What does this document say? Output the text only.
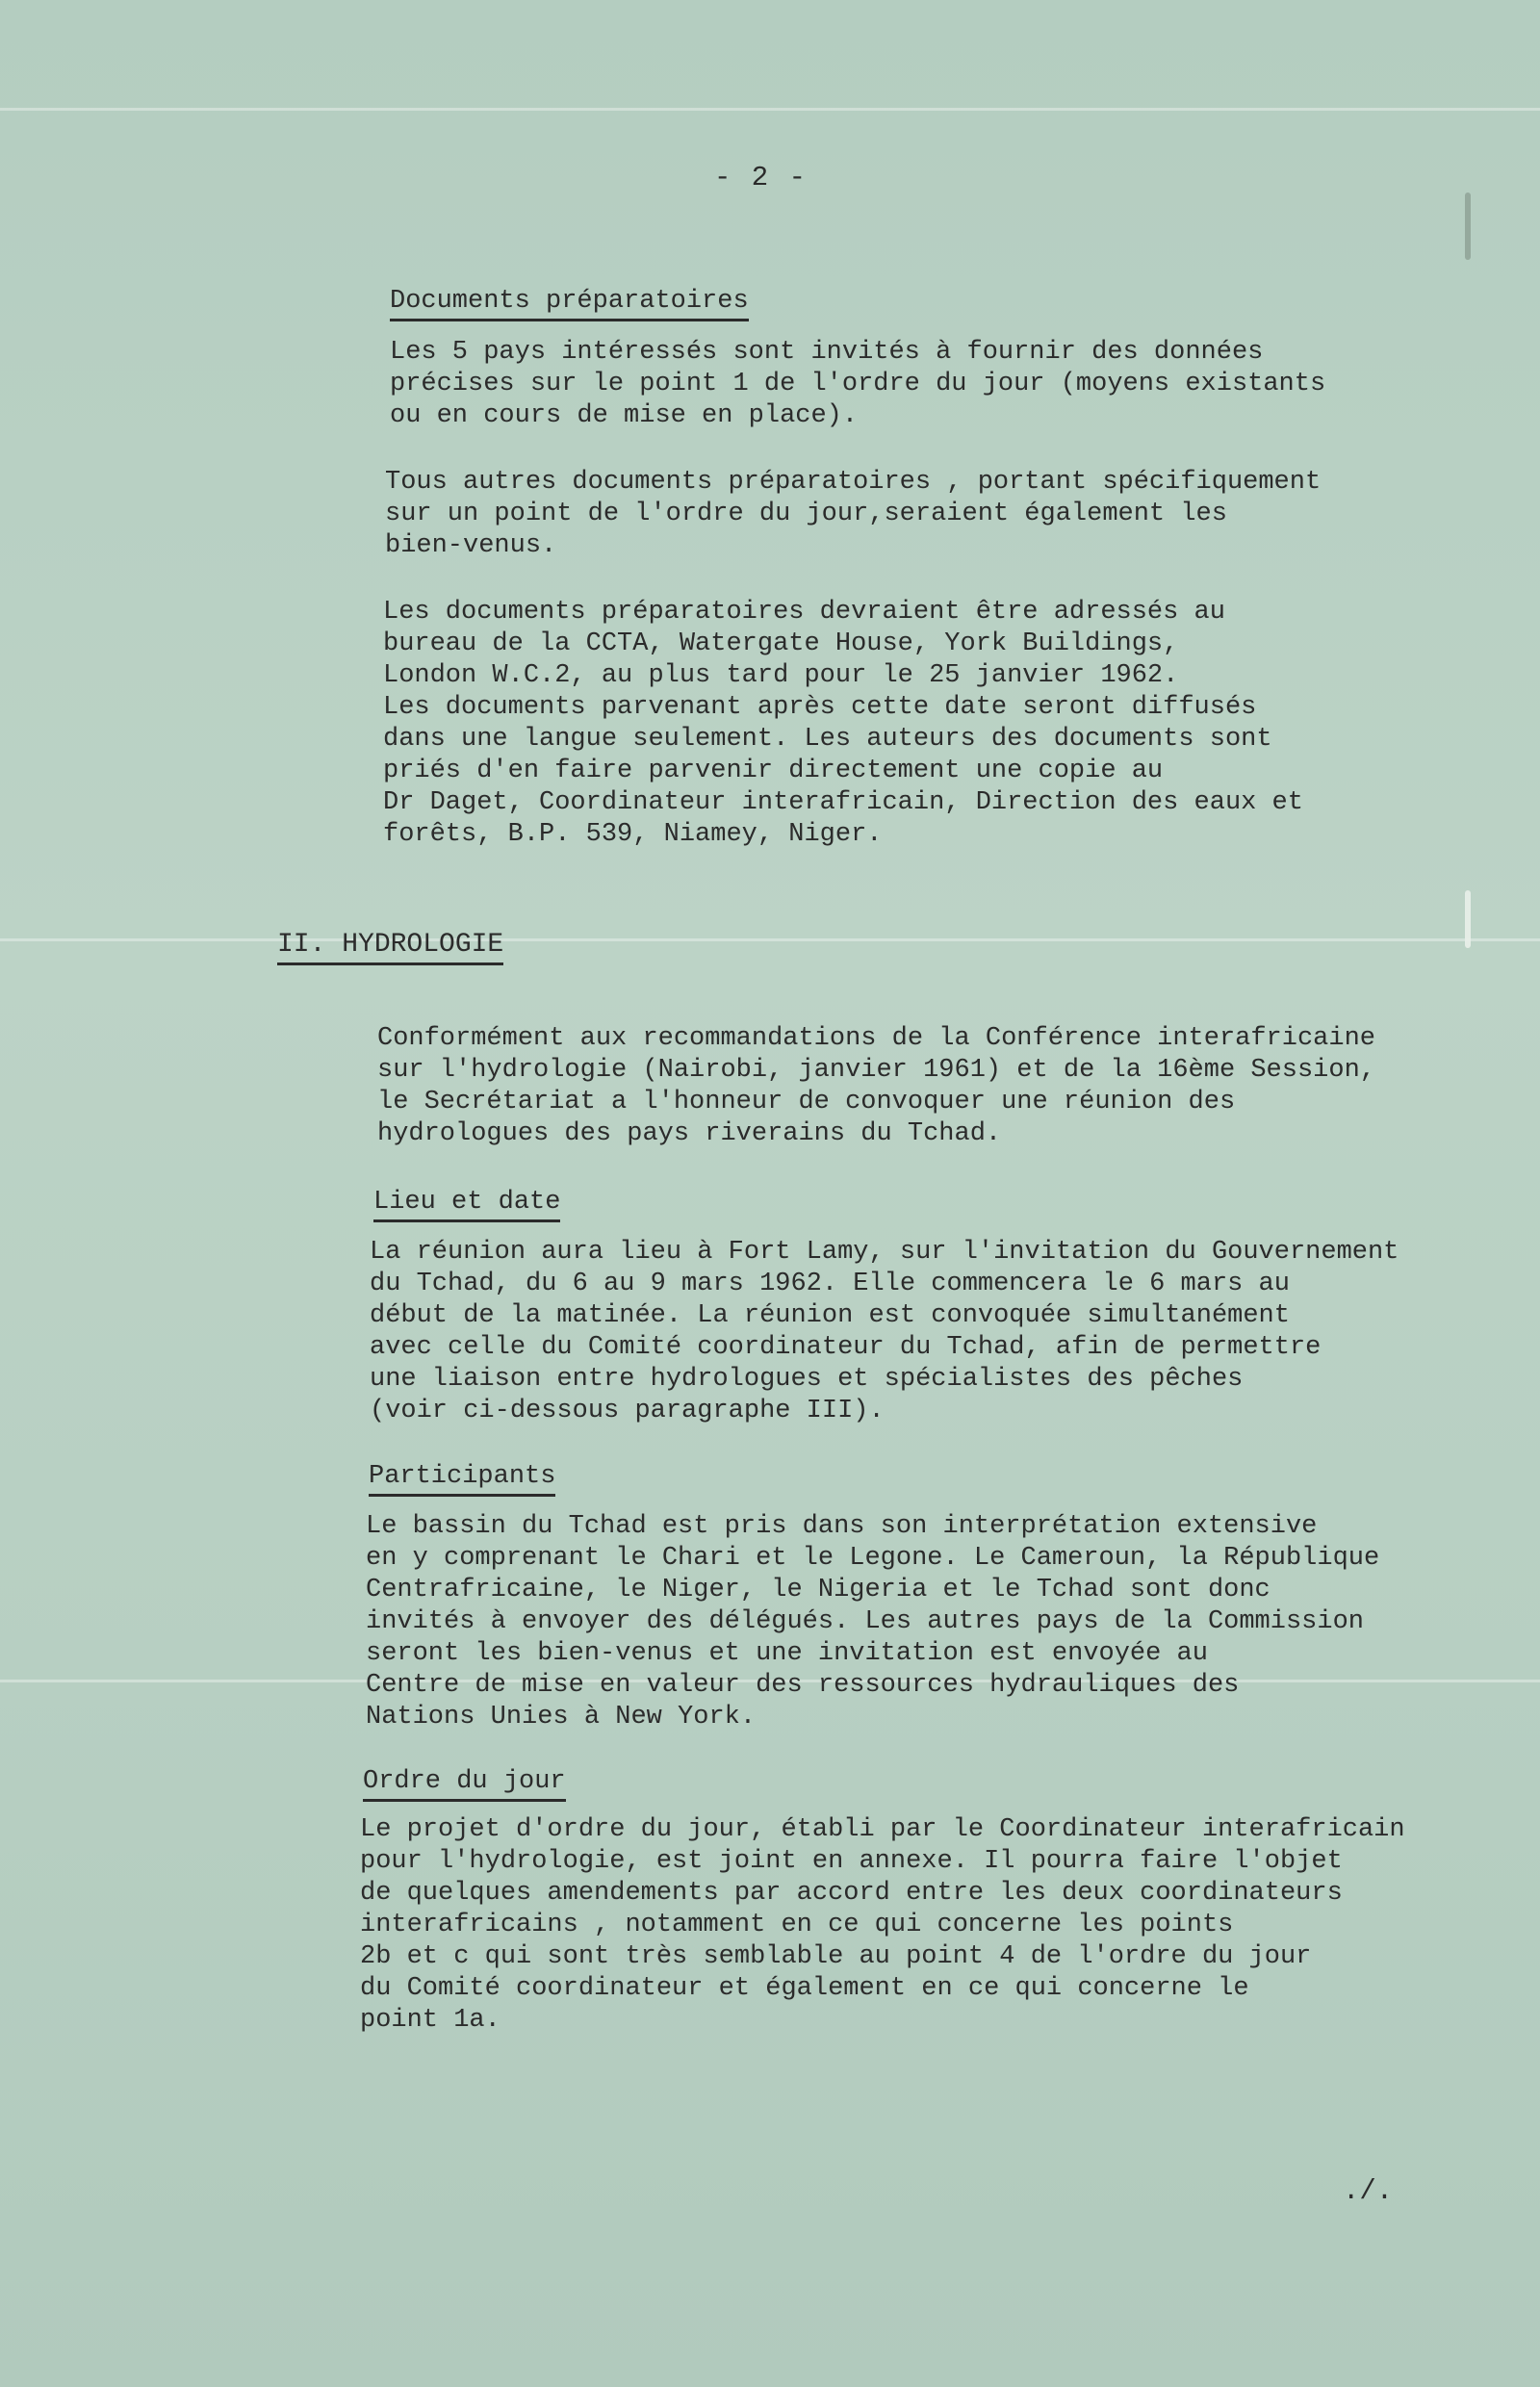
- 2 -
Documents préparatoires
Les 5 pays intéressés sont invités à fournir des données
précises sur le point 1 de l'ordre du jour (moyens existants
ou en cours de mise en place).
Tous autres documents préparatoires , portant spécifiquement
sur un point de l'ordre du jour,seraient également les
bien-venus.
Les documents préparatoires devraient être adressés au
bureau de la CCTA, Watergate House, York Buildings,
London W.C.2, au plus tard pour le 25 janvier 1962.
Les documents parvenant après cette date seront diffusés
dans une langue seulement. Les auteurs des documents sont
priés d'en faire parvenir directement une copie au
Dr Daget, Coordinateur interafricain, Direction des eaux et
forêts, B.P. 539, Niamey, Niger.
II. HYDROLOGIE
Conformément aux recommandations de la Conférence interafricaine
sur l'hydrologie (Nairobi, janvier 1961) et de la 16ème Session,
le Secrétariat a l'honneur de convoquer une réunion des
hydrologues des pays riverains du Tchad.
Lieu et date
La réunion aura lieu à Fort Lamy, sur l'invitation du Gouvernement
du Tchad, du 6 au 9 mars 1962. Elle commencera le 6 mars au
début de la matinée. La réunion est convoquée simultanément
avec celle du Comité coordinateur du Tchad, afin de permettre
une liaison entre hydrologues et spécialistes des pêches
(voir ci-dessous paragraphe III).
Participants
Le bassin du Tchad est pris dans son interprétation extensive
en y comprenant le Chari et le Legone. Le Cameroun, la République
Centrafricaine, le Niger, le Nigeria et le Tchad sont donc
invités à envoyer des délégués. Les autres pays de la Commission
seront les bien-venus et une invitation est envoyée au
Centre de mise en valeur des ressources hydrauliques des
Nations Unies à New York.
Ordre du jour
Le projet d'ordre du jour, établi par le Coordinateur interafricain
pour l'hydrologie, est joint en annexe. Il pourra faire l'objet
de quelques amendements par accord entre les deux coordinateurs
interafricains , notamment en ce qui concerne les points
2b et c qui sont très semblable au point 4 de l'ordre du jour
du Comité coordinateur et également en ce qui concerne le
point 1a.
./.
